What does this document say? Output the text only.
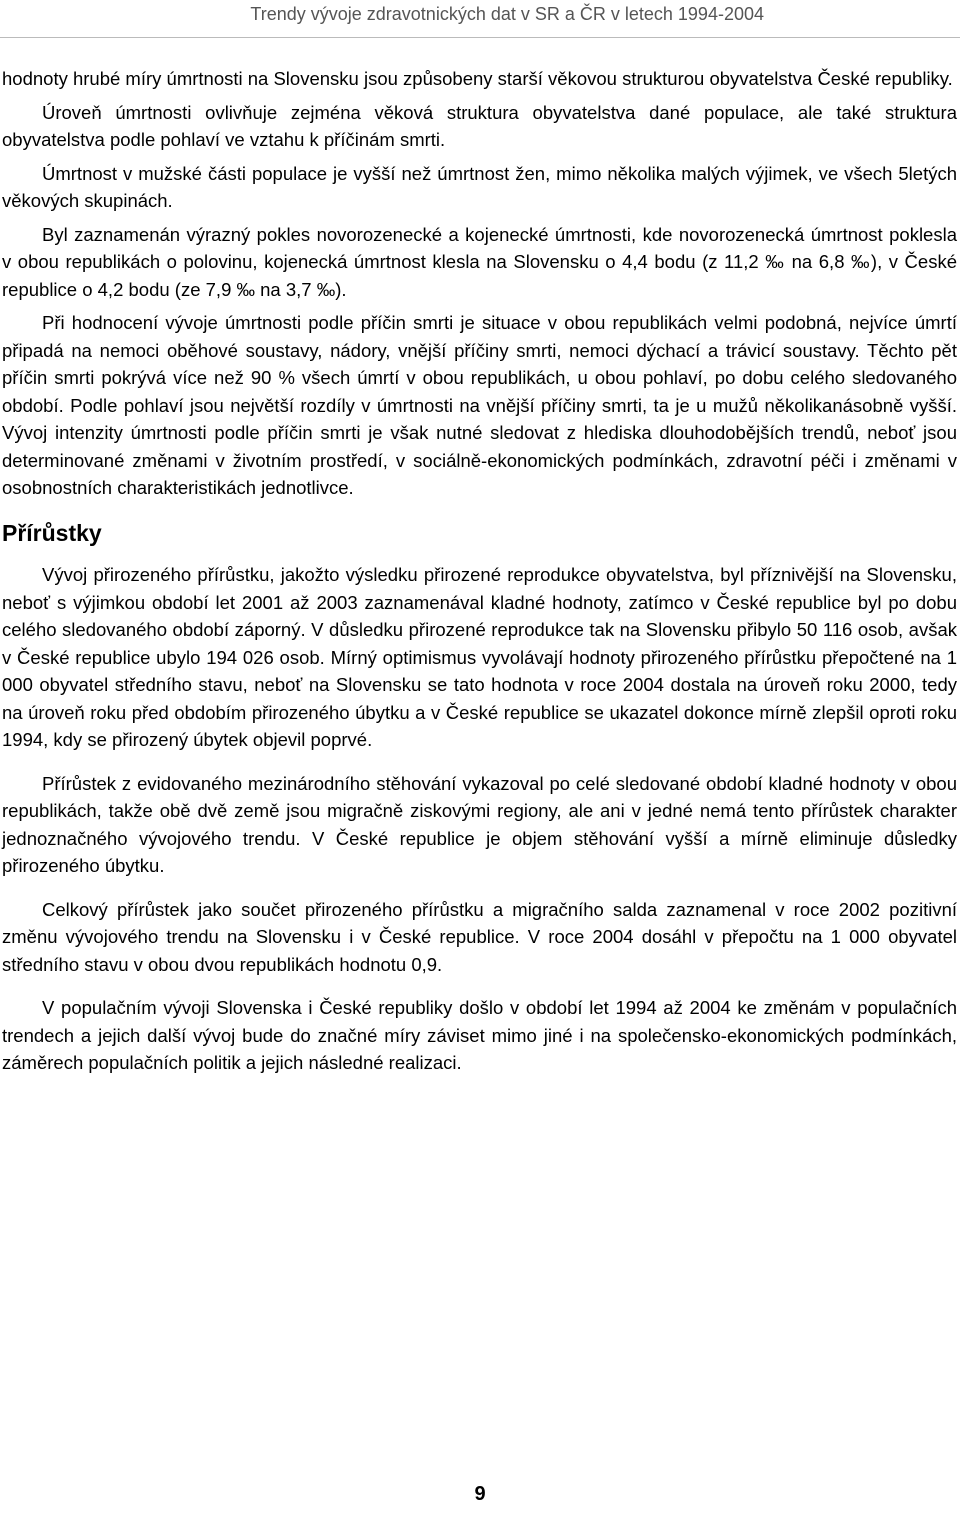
Trendy vývoje zdravotnických dat v SR a ČR v letech 1994-2004

hodnoty hrubé míry úmrtnosti na Slovensku jsou způsobeny starší věkovou strukturou obyvatelstva České republiky.

Úroveň úmrtnosti ovlivňuje zejména věková struktura obyvatelstva dané populace, ale také struktura obyvatelstva podle pohlaví ve vztahu k příčinám smrti.

Úmrtnost v mužské části populace je vyšší než úmrtnost žen, mimo několika malých výjimek, ve všech 5letých věkových skupinách.

Byl zaznamenán výrazný pokles novorozenecké a kojenecké úmrtnosti, kde novorozenecká úmrtnost poklesla v obou republikách o polovinu, kojenecká úmrtnost klesla na Slovensku o 4,4 bodu (z 11,2 ‰ na 6,8 ‰), v České republice o 4,2 bodu (ze 7,9 ‰ na 3,7 ‰).

Při hodnocení vývoje úmrtnosti podle příčin smrti je situace v obou republikách velmi podobná, nejvíce úmrtí připadá na nemoci oběhové soustavy, nádory, vnější příčiny smrti, nemoci dýchací a trávicí soustavy. Těchto pět příčin smrti pokrývá více než 90 % všech úmrtí v obou republikách, u obou pohlaví, po dobu celého sledovaného období. Podle pohlaví jsou největší rozdíly v úmrtnosti na vnější příčiny smrti, ta je u mužů několikanásobně vyšší. Vývoj intenzity úmrtnosti podle příčin smrti je však nutné sledovat z hlediska dlouhodobějších trendů, neboť jsou determinované změnami v životním prostředí, v sociálně-ekonomických podmínkách, zdravotní péči i změnami v osobnostních charakteristikách jednotlivce.

Přírůstky

Vývoj přirozeného přírůstku, jakožto výsledku přirozené reprodukce obyvatelstva, byl příznivější na Slovensku, neboť s výjimkou období let 2001 až 2003 zaznamenával kladné hodnoty, zatímco v České republice byl po dobu celého sledovaného období záporný. V důsledku přirozené reprodukce tak na Slovensku přibylo 50 116 osob, avšak v České republice ubylo 194 026 osob. Mírný optimismus vyvolávají hodnoty přirozeného přírůstku přepočtené na 1 000 obyvatel středního stavu, neboť na Slovensku se tato hodnota v roce 2004 dostala na úroveň roku 2000, tedy na úroveň roku před obdobím přirozeného úbytku a v České republice se ukazatel dokonce mírně zlepšil oproti roku 1994, kdy se přirozený úbytek objevil poprvé.

Přírůstek z evidovaného mezinárodního stěhování vykazoval po celé sledované období kladné hodnoty v obou republikách, takže obě dvě země jsou migračně ziskovými regiony, ale ani v jedné nemá tento přírůstek charakter jednoznačného vývojového trendu. V České republice je objem stěhování vyšší a mírně eliminuje důsledky přirozeného úbytku.

Celkový přírůstek jako součet přirozeného přírůstku a migračního salda zaznamenal v roce 2002 pozitivní změnu vývojového trendu na Slovensku i v České republice. V roce 2004 dosáhl v přepočtu na 1 000 obyvatel středního stavu v obou dvou republikách hodnotu 0,9.

V populačním vývoji Slovenska i České republiky došlo v období let 1994 až 2004 ke změnám v populačních trendech a jejich další vývoj bude do značné míry záviset mimo jiné i na společensko-ekonomických podmínkách, záměrech populačních politik a jejich následné realizaci.

9
